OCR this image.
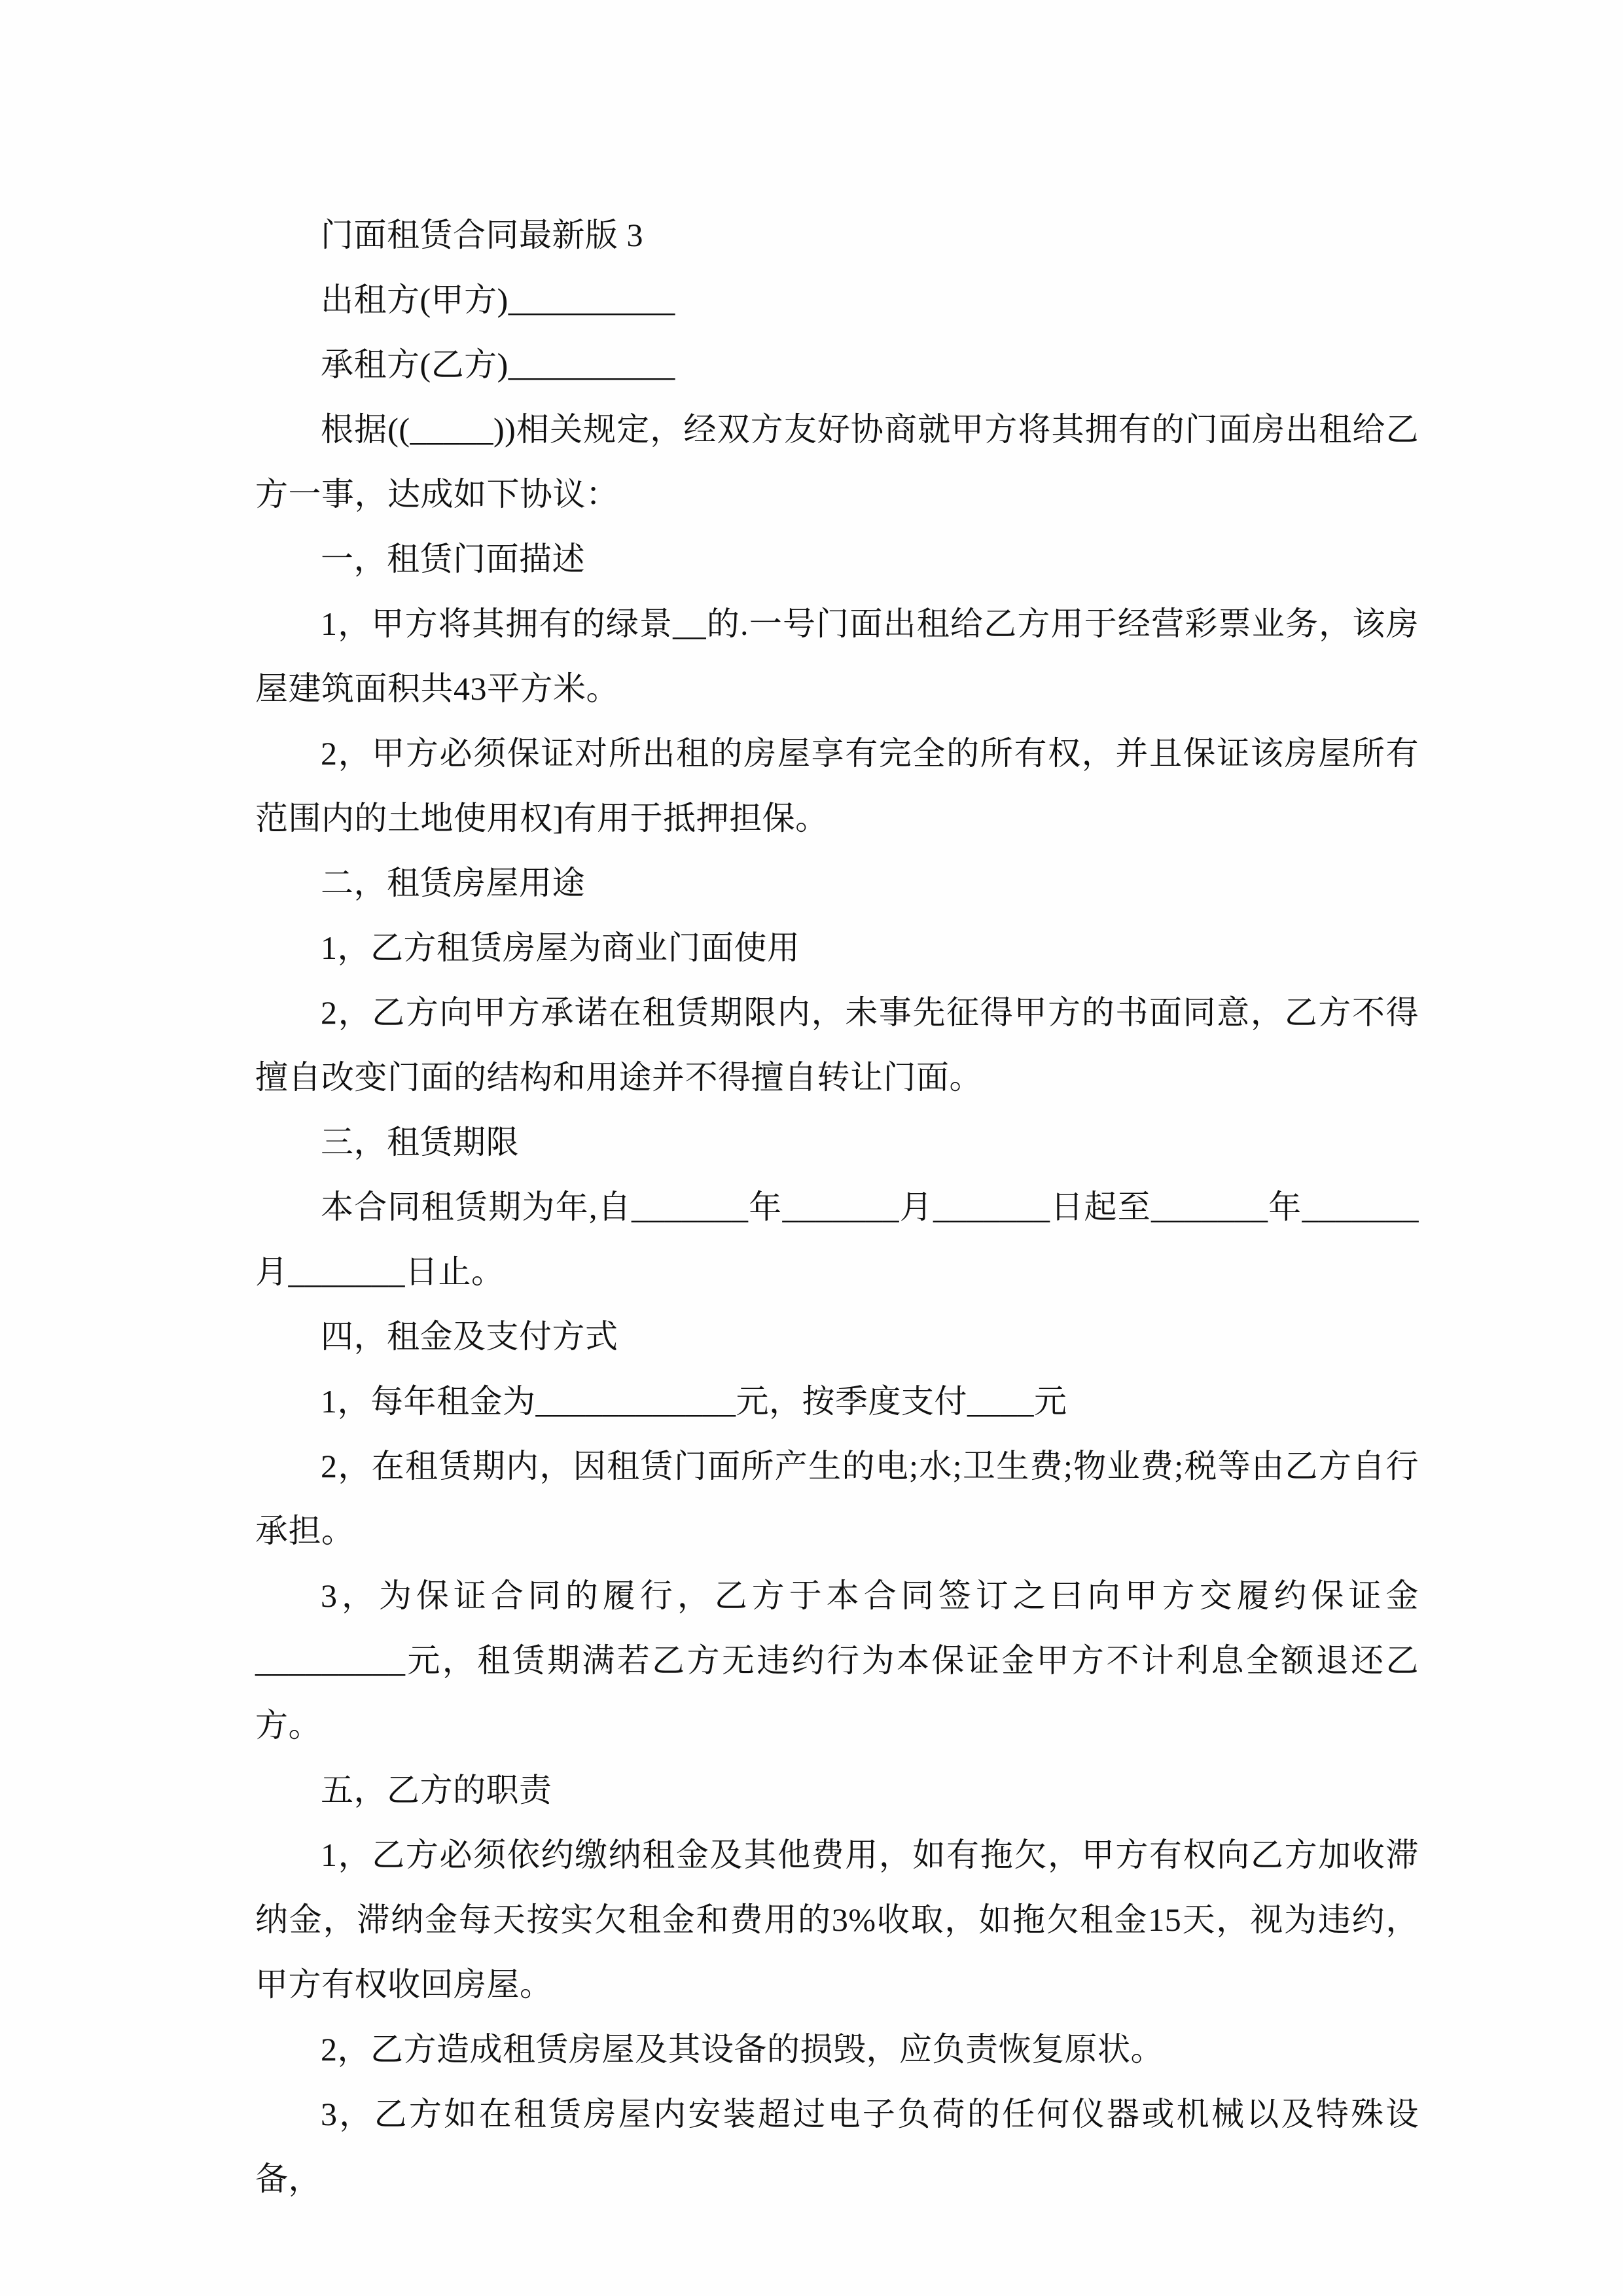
门面租赁合同最新版 3

出租方(甲方)__________

承租方(乙方)__________

根据((_____))相关规定，经双方友好协商就甲方将其拥有的门面房出租给乙方一事，达成如下协议：

一，租赁门面描述

1，甲方将其拥有的绿景__的.一号门面出租给乙方用于经营彩票业务，该房屋建筑面积共43平方米。

2，甲方必须保证对所出租的房屋享有完全的所有权，并且保证该房屋所有范围内的土地使用权]有用于抵押担保。

二，租赁房屋用途

1，乙方租赁房屋为商业门面使用

2，乙方向甲方承诺在租赁期限内，未事先征得甲方的书面同意，乙方不得擅自改变门面的结构和用途并不得擅自转让门面。

三，租赁期限

本合同租赁期为年,自_______年_______月_______日起至_______年_______月_______日止。

四，租金及支付方式

1，每年租金为____________元，按季度支付____元

2，在租赁期内，因租赁门面所产生的电;水;卫生费;物业费;税等由乙方自行承担。

3，为保证合同的履行，乙方于本合同签订之曰向甲方交履约保证金_________元，租赁期满若乙方无违约行为本保证金甲方不计利息全额退还乙方。

五，乙方的职责

1，乙方必须依约缴纳租金及其他费用，如有拖欠，甲方有权向乙方加收滞纳金，滞纳金每天按实欠租金和费用的3%收取，如拖欠租金15天，视为违约，甲方有权收回房屋。

2，乙方造成租赁房屋及其设备的损毁，应负责恢复原状。

3，乙方如在租赁房屋内安装超过电子负荷的任何仪器或机械以及特殊设备，
